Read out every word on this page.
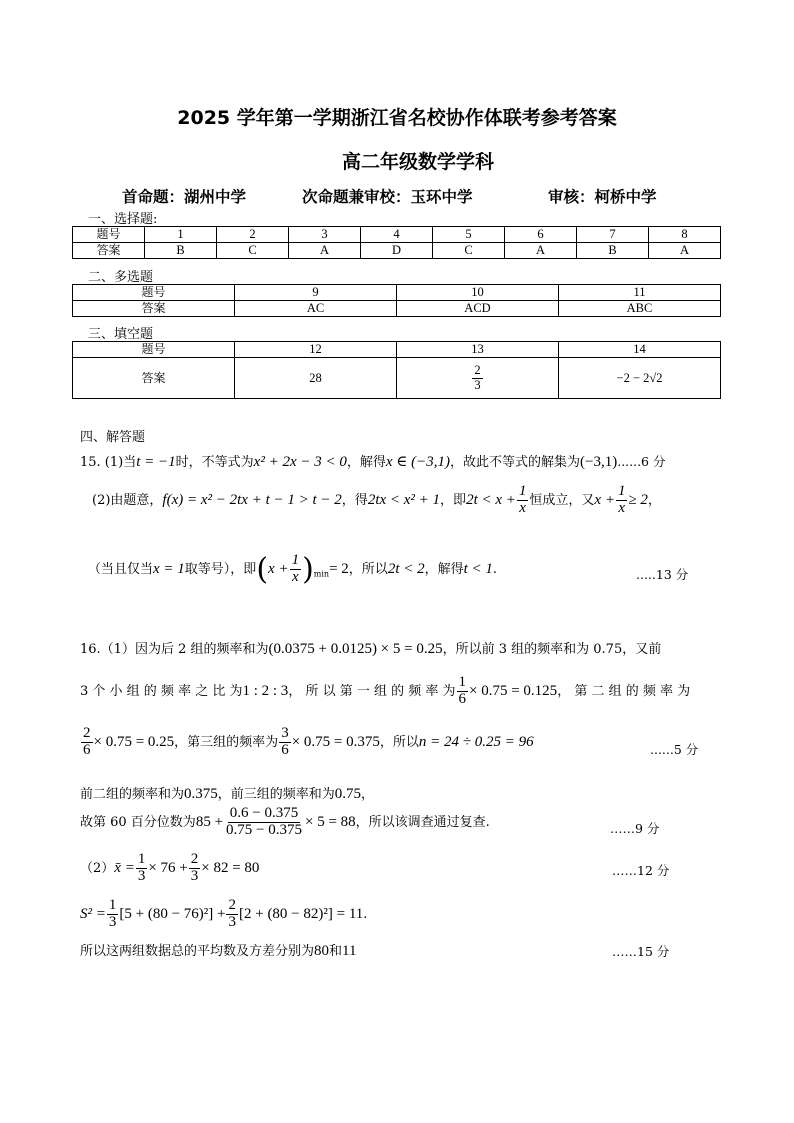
2025 学年第一学期浙江省名校协作体联考参考答案
高二年级数学学科
首命题：湖州中学	次命题兼审校：玉环中学	审核：柯桥中学
一、选择题:
题号	1	2	3	4	5	6	7	8
答案	B	C	A	D	C	A	B	A
二、多选题
题号	9	10	11
答案	AC	ACD	ABC
三、填空题
题号	12	13	14
答案	28	$\frac{2}{3}$	−2 − 2√2
四、解答题
15. (1)当t = −1时，不等式为x² + 2x − 3 < 0，解得x ∈ (−3,1)，故此不等式的解集为(−3,1)......6 分
(2)由题意，f(x) = x² − 2tx + t − 1 > t − 2，得2tx < x² + 1，即$2t < x + \frac{1}{x}$ 恒成立，又$x + \frac{1}{x} \ge 2$，
（当且仅当x = 1取等号），即$(x + \frac{1}{x} )_{min}= 2$，所以2t < 2，解得t < 1.	.....13 分
16.（1）因为后 2 组的频率和为(0.0375 + 0.0125) × 5 = 0.25，所以前 3 组的频率和为 0.75，又前
3 个 小 组 的 频 率 之 比 为1 : 2 : 3， 所 以 第 一 组 的 频 率 为 $\frac{1}{6} \times 0.75 = 0.125$， 第 二 组 的 频 率 为
$\frac{2}{6} \times 0.75 = 0.25$，第三组的频率为 $\frac{3}{6} \times 0.75 = 0.375$，所以n = 24 ÷ 0.25 = 96	......5 分
前二组的频率和为0.375，前三组的频率和为0.75，
故第 60 百分位数为$85 + \frac{0.6 - 0.375}{0.75 - 0.375} \times 5 = 88$，所以该调查通过复查.	……9 分
（2）x̄ = $\frac{1}{3} \times 76 + \frac{2}{3} \times 82 = 80$	……12 分
$S^2 = \frac{1}{3} [5 + (80 - 76)^2] + \frac{2}{3} [2 + (80 - 82)^2] = 11$.
所以这两组数据总的平均数及方差分别为80和11	……15 分
